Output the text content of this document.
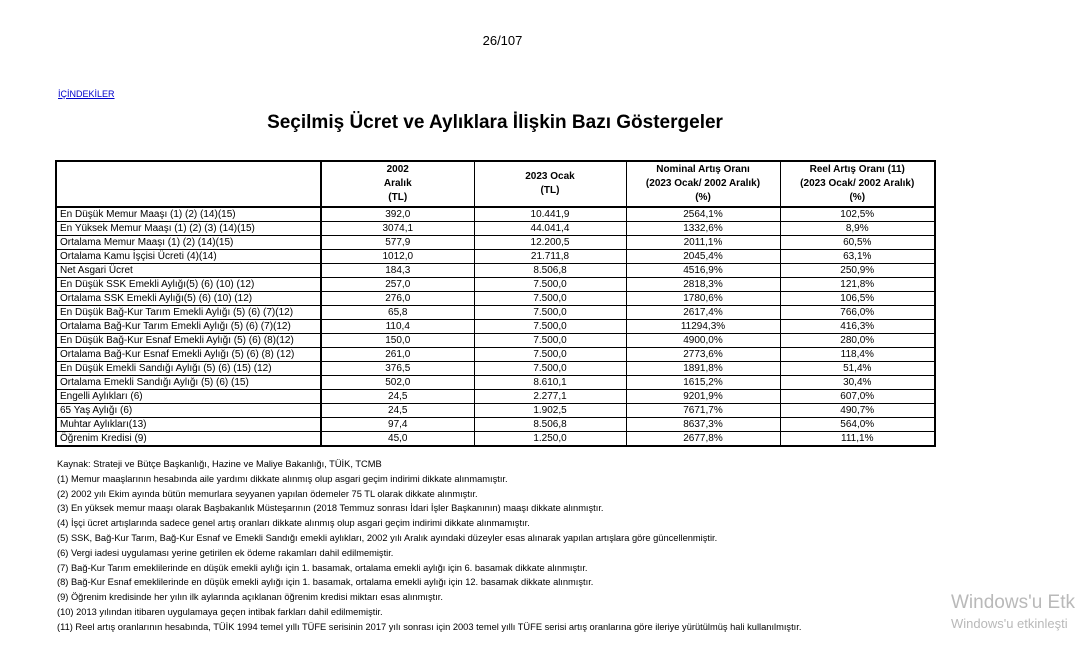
26/107
İÇİNDEKİLER
Seçilmiş Ücret ve Aylıklara İlişkin Bazı Göstergeler
	2002
Aralık
(TL)	2023 Ocak
(TL)	Nominal Artış Oranı
(2023 Ocak/ 2002 Aralık)
(%)	Reel Artış Oranı (11)
(2023 Ocak/ 2002 Aralık)
(%)
En Düşük Memur Maaşı (1) (2) (14)(15)	392,0	10.441,9	2564,1%	102,5%
En Yüksek Memur Maaşı (1) (2) (3) (14)(15)	3074,1	44.041,4	1332,6%	8,9%
Ortalama Memur Maaşı (1) (2) (14)(15)	577,9	12.200,5	2011,1%	60,5%
Ortalama Kamu İşçisi Ücreti (4)(14)	1012,0	21.711,8	2045,4%	63,1%
Net Asgari Ücret	184,3	8.506,8	4516,9%	250,9%
En Düşük SSK Emekli Aylığı(5) (6) (10) (12)	257,0	7.500,0	2818,3%	121,8%
Ortalama SSK Emekli Aylığı(5) (6) (10) (12)	276,0	7.500,0	1780,6%	106,5%
En Düşük Bağ-Kur Tarım Emekli Aylığı (5) (6) (7)(12)	65,8	7.500,0	2617,4%	766,0%
Ortalama Bağ-Kur Tarım Emekli Aylığı (5) (6) (7)(12)	110,4	7.500,0	11294,3%	416,3%
En Düşük Bağ-Kur Esnaf Emekli Aylığı (5) (6) (8)(12)	150,0	7.500,0	4900,0%	280,0%
Ortalama Bağ-Kur Esnaf Emekli Aylığı (5) (6) (8) (12)	261,0	7.500,0	2773,6%	118,4%
En Düşük Emekli Sandığı Aylığı (5) (6) (15) (12)	376,5	7.500,0	1891,8%	51,4%
Ortalama Emekli Sandığı Aylığı (5) (6) (15)	502,0	8.610,1	1615,2%	30,4%
Engelli Aylıkları (6)	24,5	2.277,1	9201,9%	607,0%
65 Yaş Aylığı (6)	24,5	1.902,5	7671,7%	490,7%
Muhtar Aylıkları(13)	97,4	8.506,8	8637,3%	564,0%
Öğrenim Kredisi (9)	45,0	1.250,0	2677,8%	111,1%
Kaynak: Strateji ve Bütçe Başkanlığı, Hazine ve Maliye Bakanlığı, TÜİK, TCMB
(1) Memur maaşlarının hesabında aile yardımı dikkate alınmış olup asgari geçim indirimi dikkate alınmamıştır.
(2) 2002 yılı Ekim ayında bütün memurlara seyyanen yapılan ödemeler 75 TL olarak dikkate alınmıştır.
(3) En yüksek memur maaşı olarak Başbakanlık Müsteşarının (2018 Temmuz sonrası İdari İşler Başkanının) maaşı dikkate alınmıştır.
(4) İşçi ücret artışlarında sadece genel artış oranları dikkate alınmış olup asgari geçim indirimi dikkate alınmamıştır.
(5) SSK, Bağ-Kur Tarım, Bağ-Kur Esnaf ve Emekli Sandığı emekli aylıkları, 2002 yılı Aralık ayındaki düzeyler esas alınarak yapılan artışlara göre güncellenmiştir.
(6) Vergi iadesi uygulaması yerine getirilen ek ödeme rakamları dahil edilmemiştir.
(7) Bağ-Kur Tarım emeklilerinde en düşük emekli aylığı için 1. basamak, ortalama emekli aylığı için 6. basamak dikkate alınmıştır.
(8) Bağ-Kur Esnaf emeklilerinde en düşük emekli aylığı için 1. basamak, ortalama emekli aylığı için 12. basamak dikkate alınmıştır.
(9) Öğrenim kredisinde her yılın ilk aylarında açıklanan öğrenim kredisi miktarı esas alınmıştır.
(10) 2013 yılından itibaren uygulamaya geçen intibak farkları dahil edilmemiştir.
(11) Reel artış oranlarının hesabında, TÜİK 1994 temel yıllı TÜFE serisinin 2017 yılı sonrası için 2003 temel yıllı TÜFE serisi artış oranlarına göre ileriye yürütülmüş hali kullanılmıştır.
Windows'u Etk
Windows'u etkinleşti
